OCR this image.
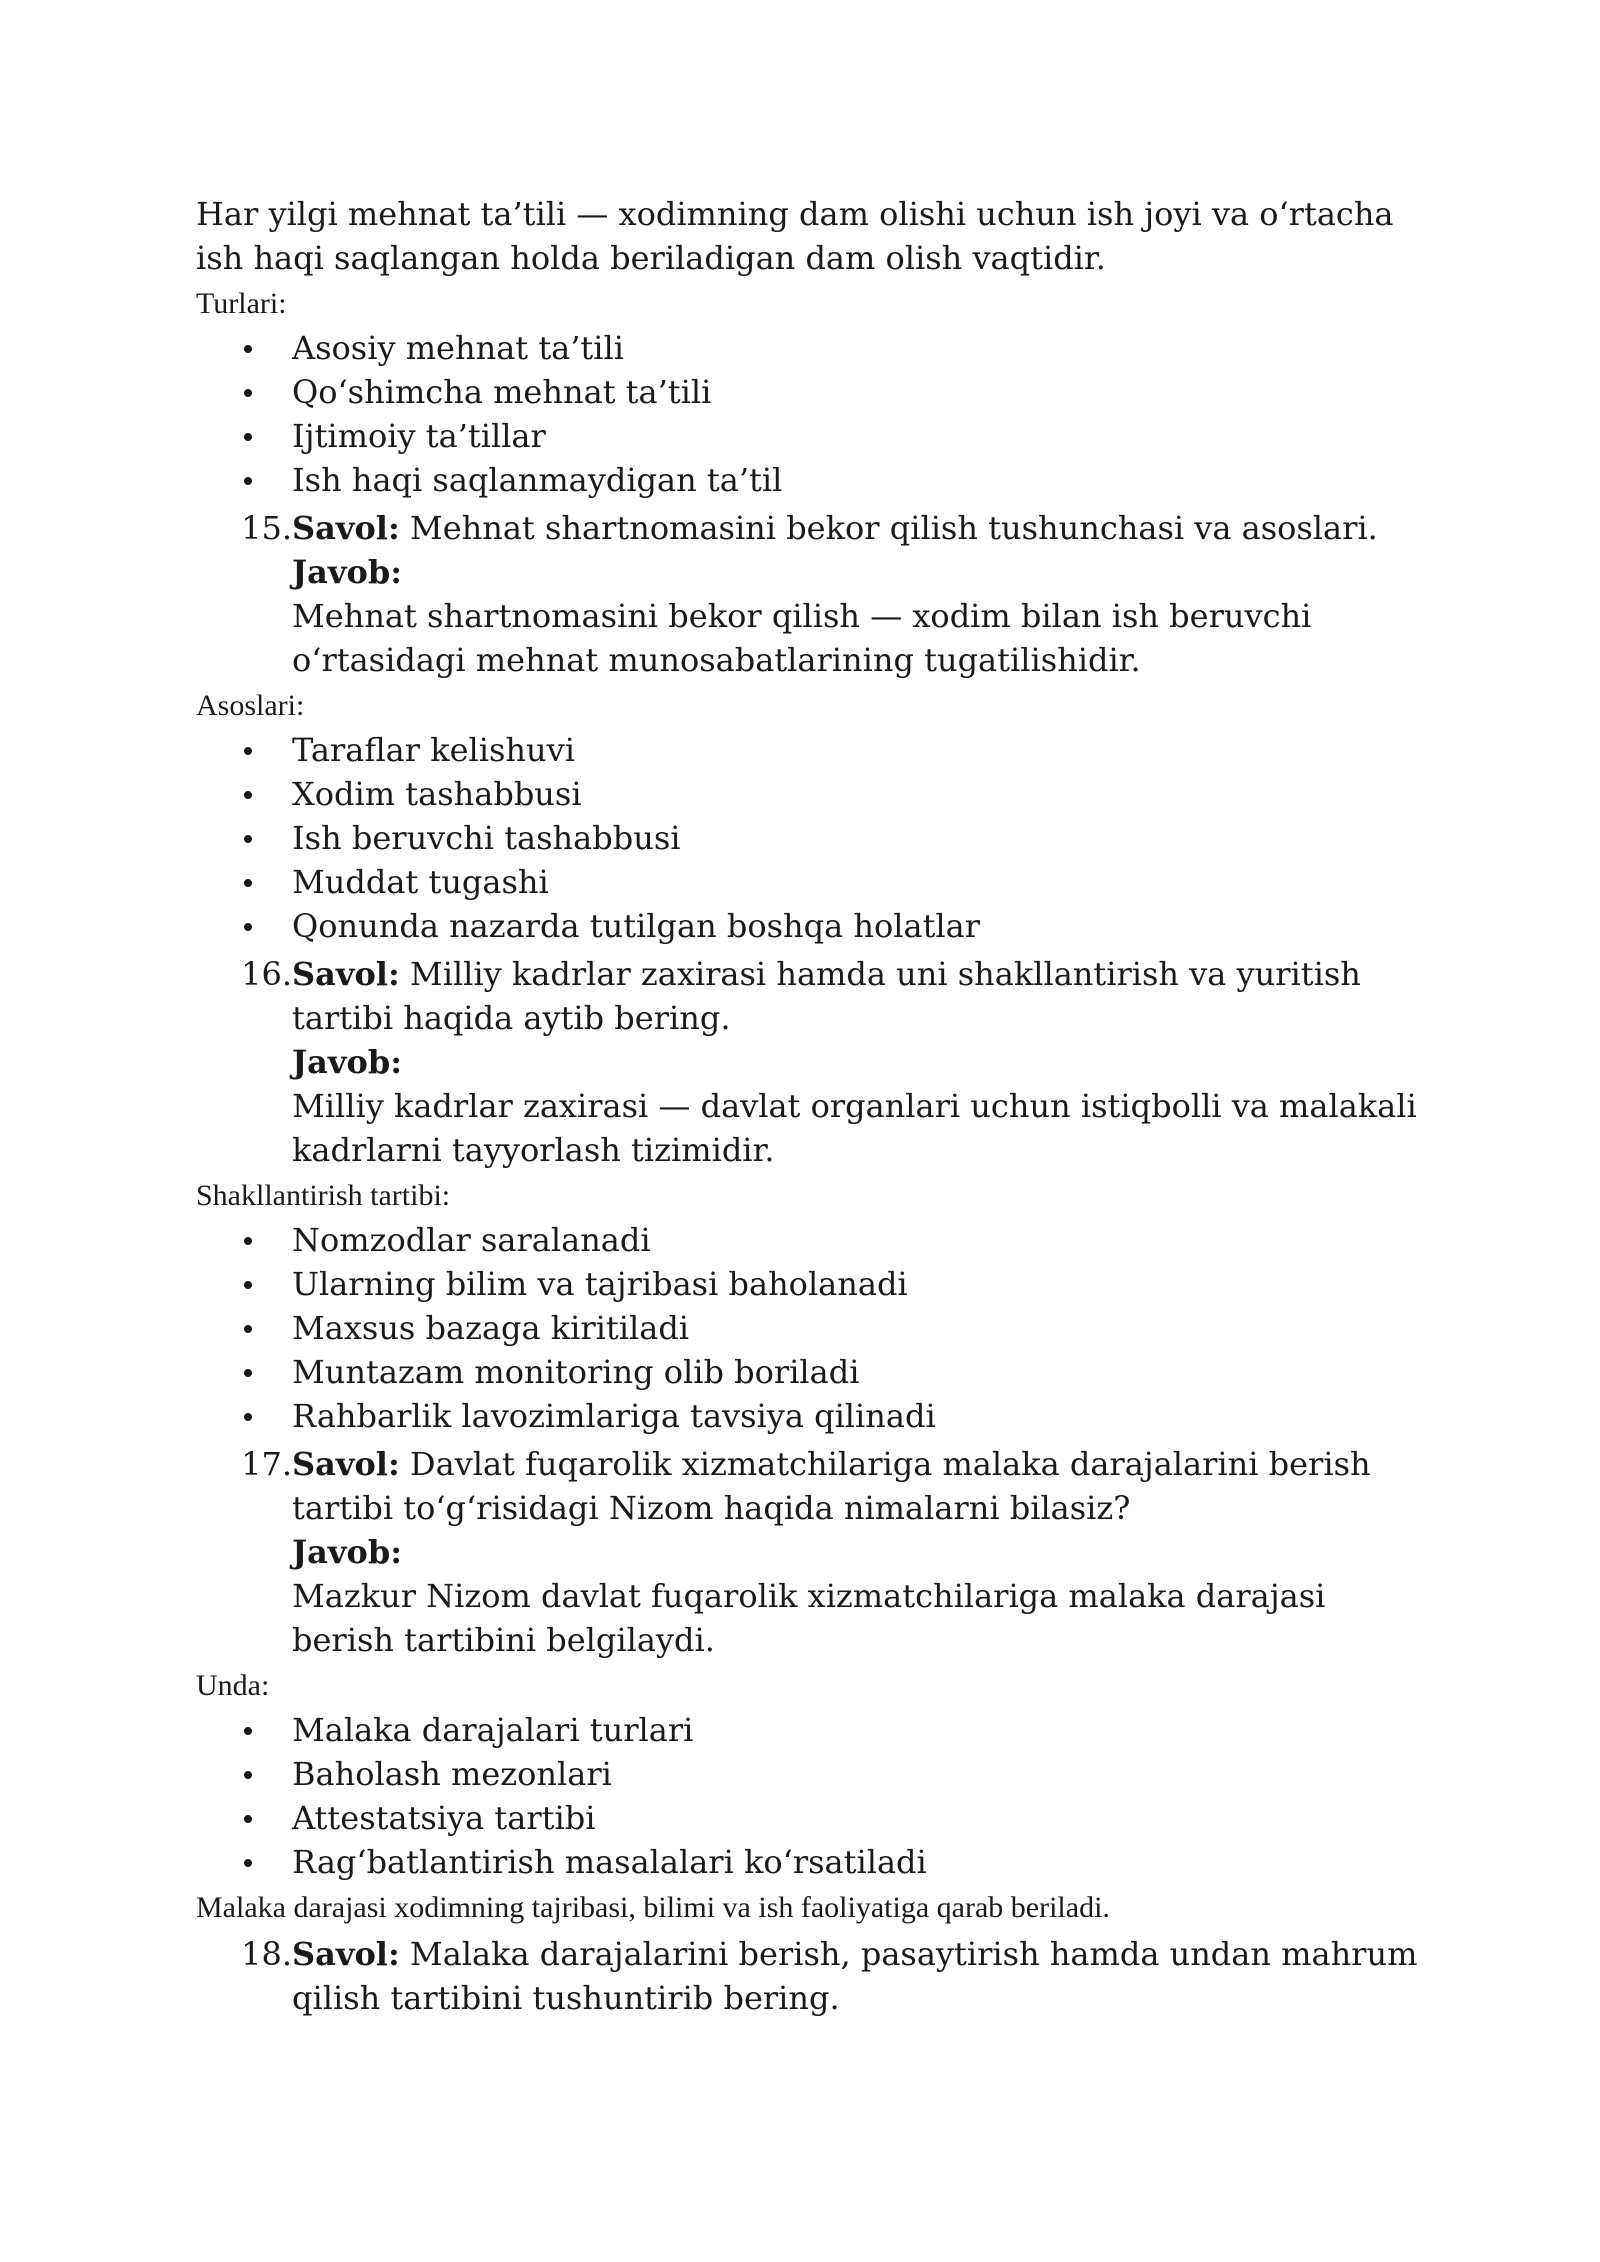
Har yilgi mehnat ta’tili — xodimning dam olishi uchun ish joyi va o‘rtacha ish haqi saqlangan holda beriladigan dam olish vaqtidir.

Turlari:
Asosiy mehnat ta’tili
Qo‘shimcha mehnat ta’tili
Ijtimoiy ta’tillar
Ish haqi saqlanmaydigan ta’til
15. Savol: Mehnat shartnomasini bekor qilish tushunchasi va asoslari.
Javob:
Mehnat shartnomasini bekor qilish — xodim bilan ish beruvchi o‘rtasidagi mehnat munosabatlarining tugatilishidir.
Asoslari:
Taraflar kelishuvi
Xodim tashabbusi
Ish beruvchi tashabbusi
Muddat tugashi
Qonunda nazarda tutilgan boshqa holatlar
16. Savol: Milliy kadrlar zaxirasi hamda uni shakllantirish va yuritish tartibi haqida aytib bering.
Javob:
Milliy kadrlar zaxirasi — davlat organlari uchun istiqbolli va malakali kadrlarni tayyorlash tizimidir.
Shakllantirish tartibi:
Nomzodlar saralanadi
Ularning bilim va tajribasi baholanadi
Maxsus bazaga kiritiladi
Muntazam monitoring olib boriladi
Rahbarlik lavozimlariga tavsiya qilinadi
17. Savol: Davlat fuqarolik xizmatchilariga malaka darajalarini berish tartibi to‘g‘risidagi Nizom haqida nimalarni bilasiz?
Javob:
Mazkur Nizom davlat fuqarolik xizmatchilariga malaka darajasi berish tartibini belgilaydi.
Unda:
Malaka darajalari turlari
Baholash mezonlari
Attestatsiya tartibi
Rag‘batlantirish masalalari ko‘rsatiladi
Malaka darajasi xodimning tajribasi, bilimi va ish faoliyatiga qarab beriladi.
18. Savol: Malaka darajalarini berish, pasaytirish hamda undan mahrum qilish tartibini tushuntirib bering.
